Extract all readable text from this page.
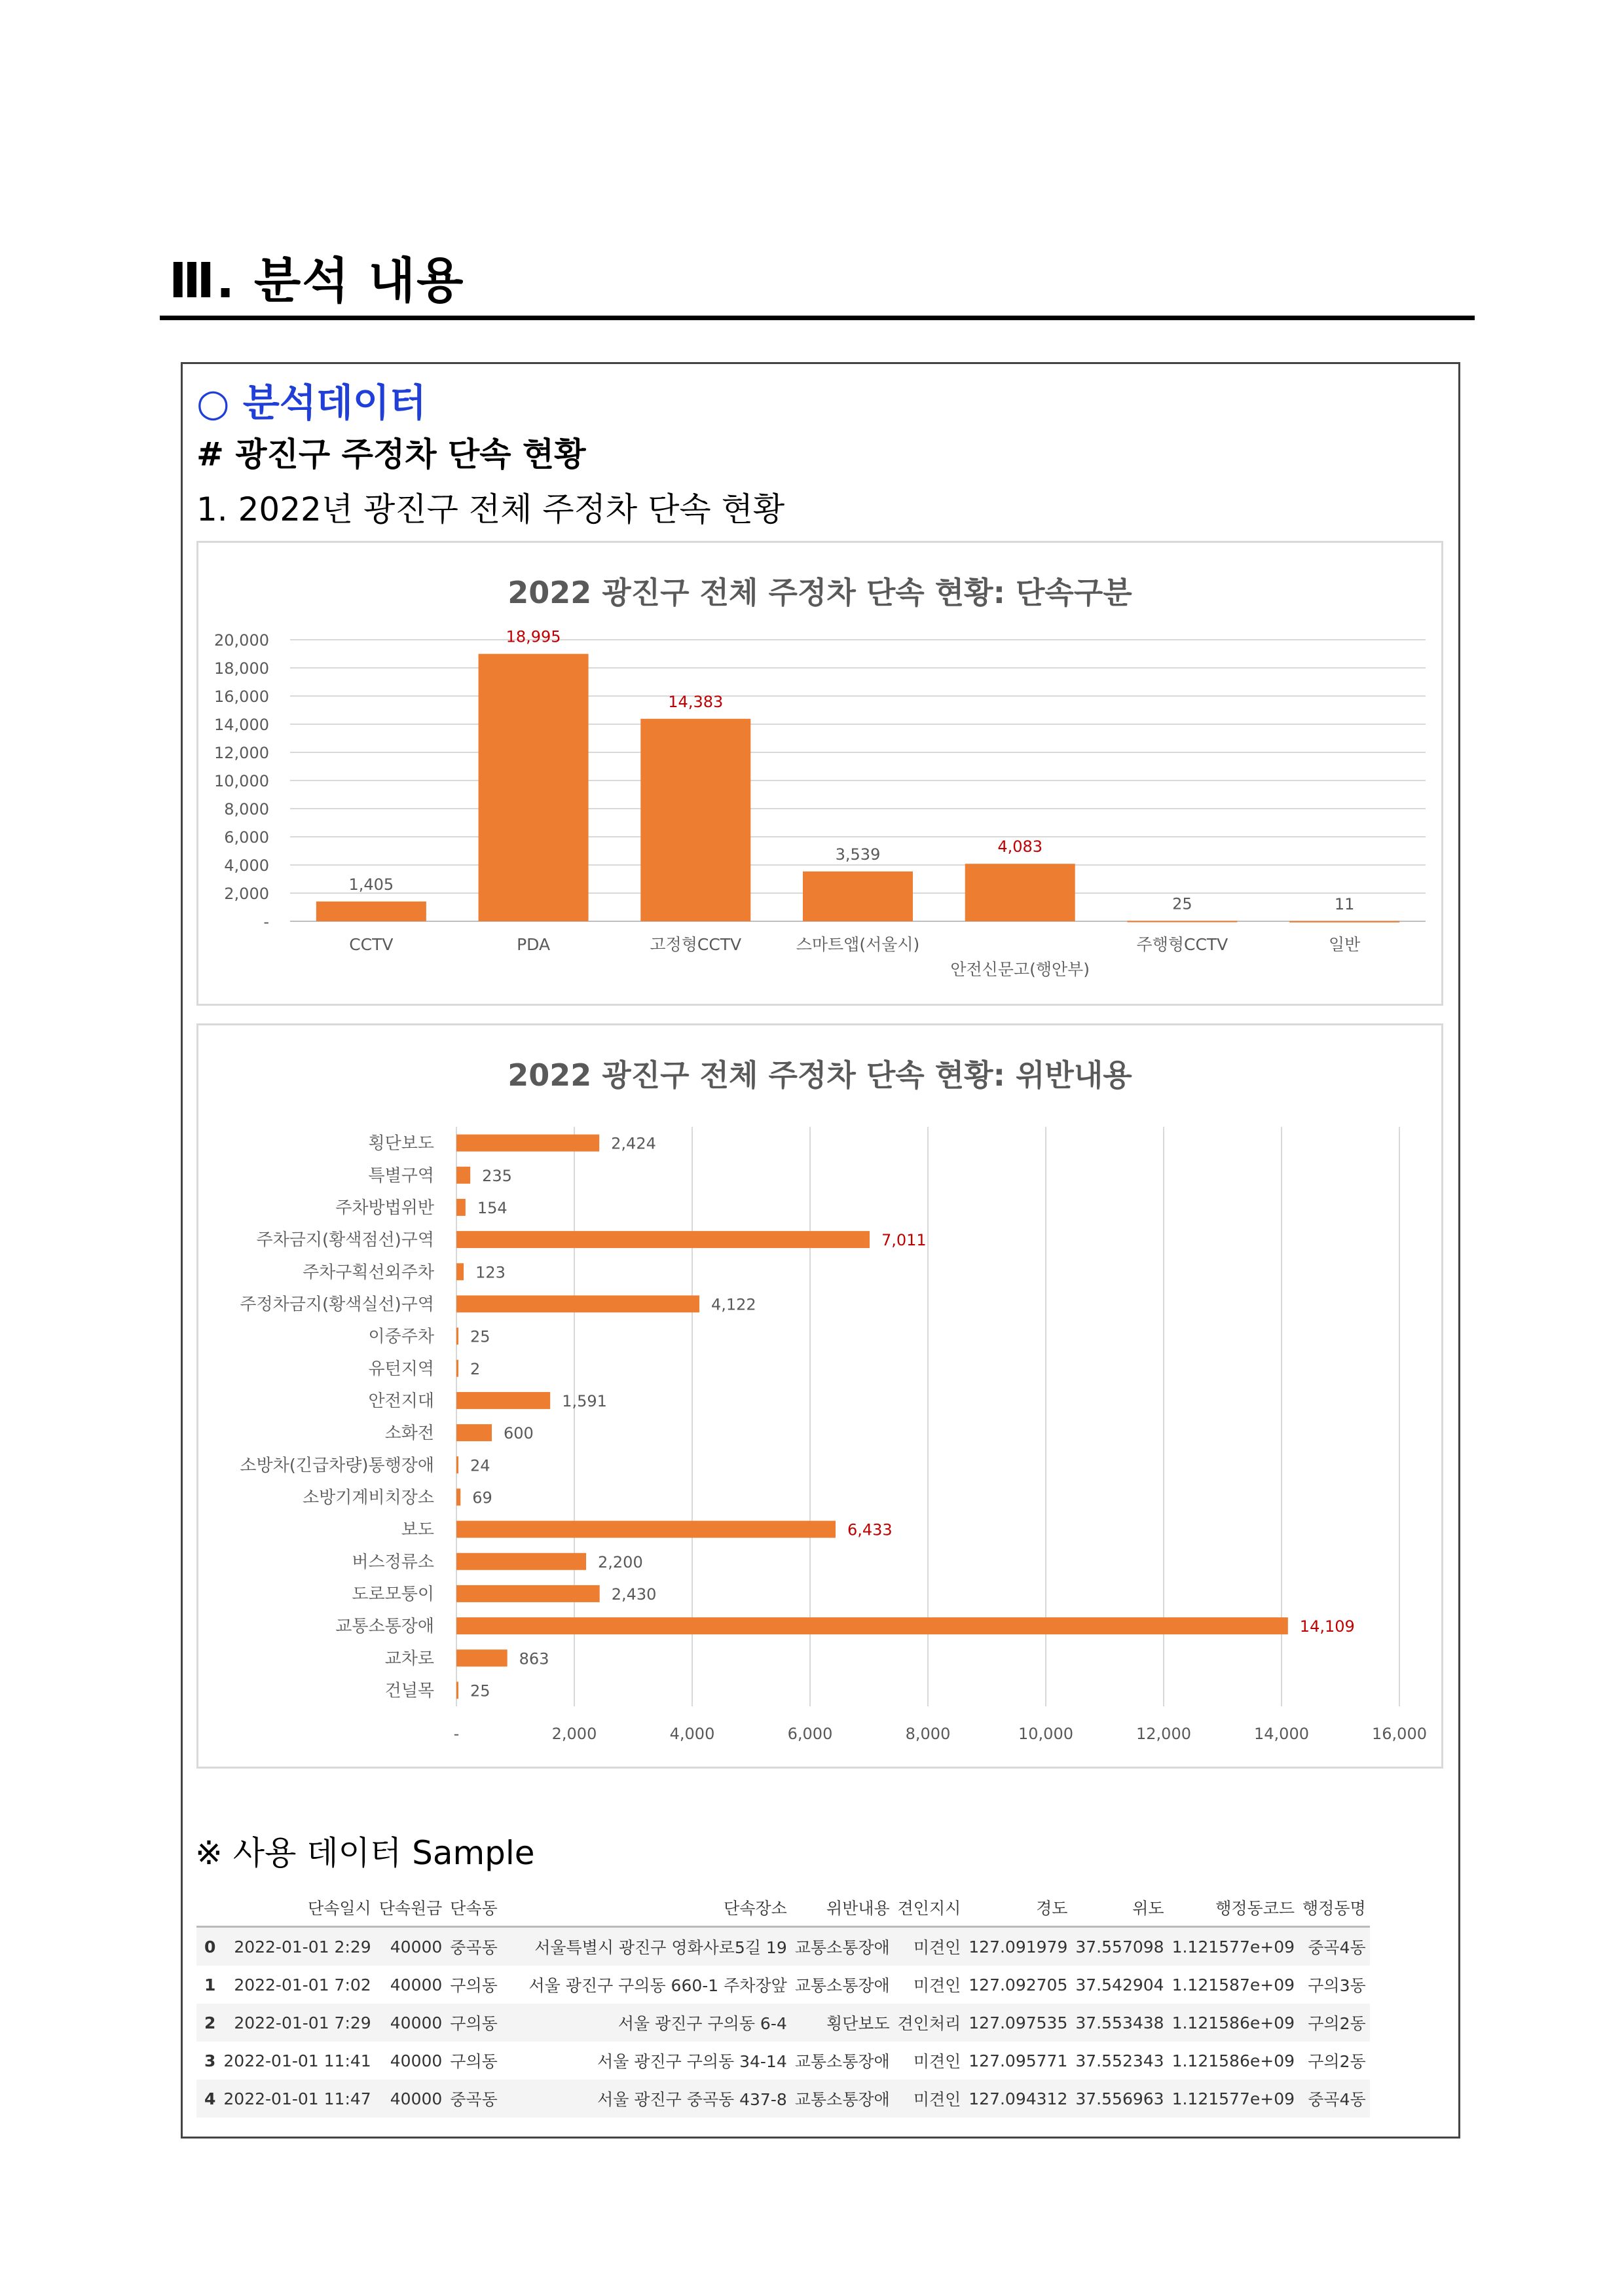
Ⅲ. 분석 내용
○ 분석데이터
# 광진구 주정차 단속 현황
1. 2022년 광진구 전체 주정차 단속 현황
2022 광진구 전체 주정차 단속 현황: 단속구분
-
2,000
4,000
6,000
8,000
10,000
12,000
14,000
16,000
18,000
20,000
1,405
CCTV
18,995
PDA
14,383
고정형CCTV
3,539
스마트앱(서울시)
4,083
안전신문고(행안부)
25
주행형CCTV
11
일반
2022 광진구 전체 주정차 단속 현황: 위반내용
-	2,000	4,000	6,000	8,000	10,000	12,000	14,000	16,000
2,424
횡단보도
235
특별구역
154
주차방법위반
7,011
주차금지(황색점선)구역
123
주차구획선외주차
4,122
주정차금지(황색실선)구역
25
이중주차
2
유턴지역
1,591
안전지대
600
소화전
24
소방차(긴급차량)통행장애
69
소방기계비치장소
6,433
보도
2,200
버스정류소
2,430
도로모퉁이
14,109
교통소통장애
863
교차로
25
건널목
※ 사용 데이터 Sample
	단속일시	단속원금	단속동	단속장소	위반내용	견인지시	경도	위도	행정동코드	행정동명
0	2022-01-01 2:29	40000	중곡동	서울특별시 광진구 영화사로5길 19	교통소통장애	미견인	127.091979	37.557098	1.121577e+09	중곡4동
1	2022-01-01 7:02	40000	구의동	서울 광진구 구의동 660-1 주차장앞	교통소통장애	미견인	127.092705	37.542904	1.121587e+09	구의3동
2	2022-01-01 7:29	40000	구의동	서울 광진구 구의동 6-4	횡단보도	견인처리	127.097535	37.553438	1.121586e+09	구의2동
3	2022-01-01 11:41	40000	구의동	서울 광진구 구의동 34-14	교통소통장애	미견인	127.095771	37.552343	1.121586e+09	구의2동
4	2022-01-01 11:47	40000	중곡동	서울 광진구 중곡동 437-8	교통소통장애	미견인	127.094312	37.556963	1.121577e+09	중곡4동
